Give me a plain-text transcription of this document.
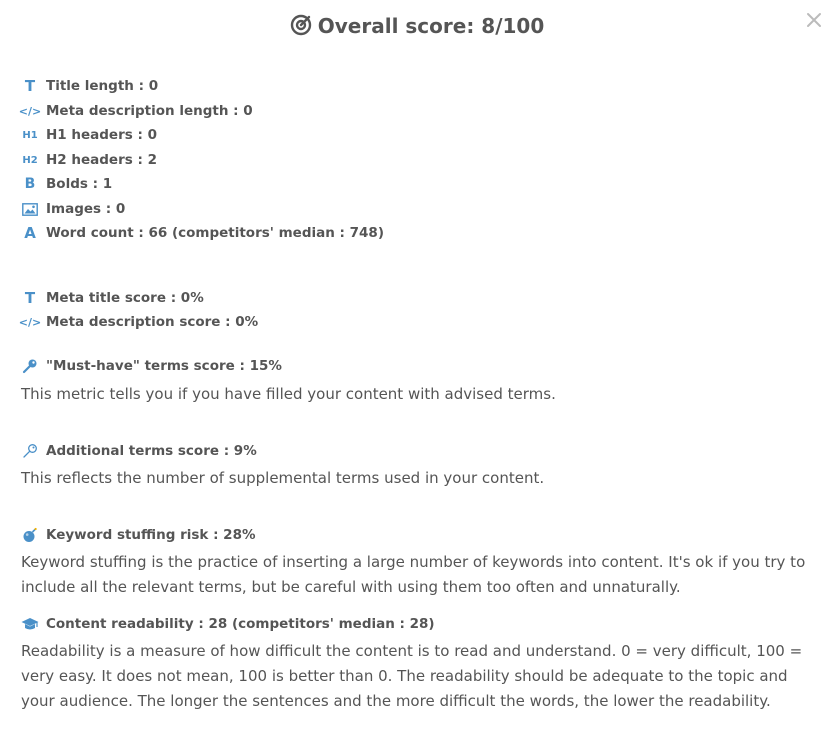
Overall score: 8/100
T Title length : 0
</> Meta description length : 0
H1 H1 headers : 0
H2 H2 headers : 2
B Bolds : 1
Images : 0
A Word count : 66 (competitors' median : 748)
T Meta title score : 0%
</> Meta description score : 0%
"Must-have" terms score : 15%
This metric tells you if you have filled your content with advised terms.
Additional terms score : 9%
This reflects the number of supplemental terms used in your content.
Keyword stuffing risk : 28%
Keyword stuffing is the practice of inserting a large number of keywords into content. It's ok if you try to include all the relevant terms, but be careful with using them too often and unnaturally.
Content readability : 28 (competitors' median : 28)
Readability is a measure of how difficult the content is to read and understand. 0 = very difficult, 100 = very easy. It does not mean, 100 is better than 0. The readability should be adequate to the topic and your audience. The longer the sentences and the more difficult the words, the lower the readability.
